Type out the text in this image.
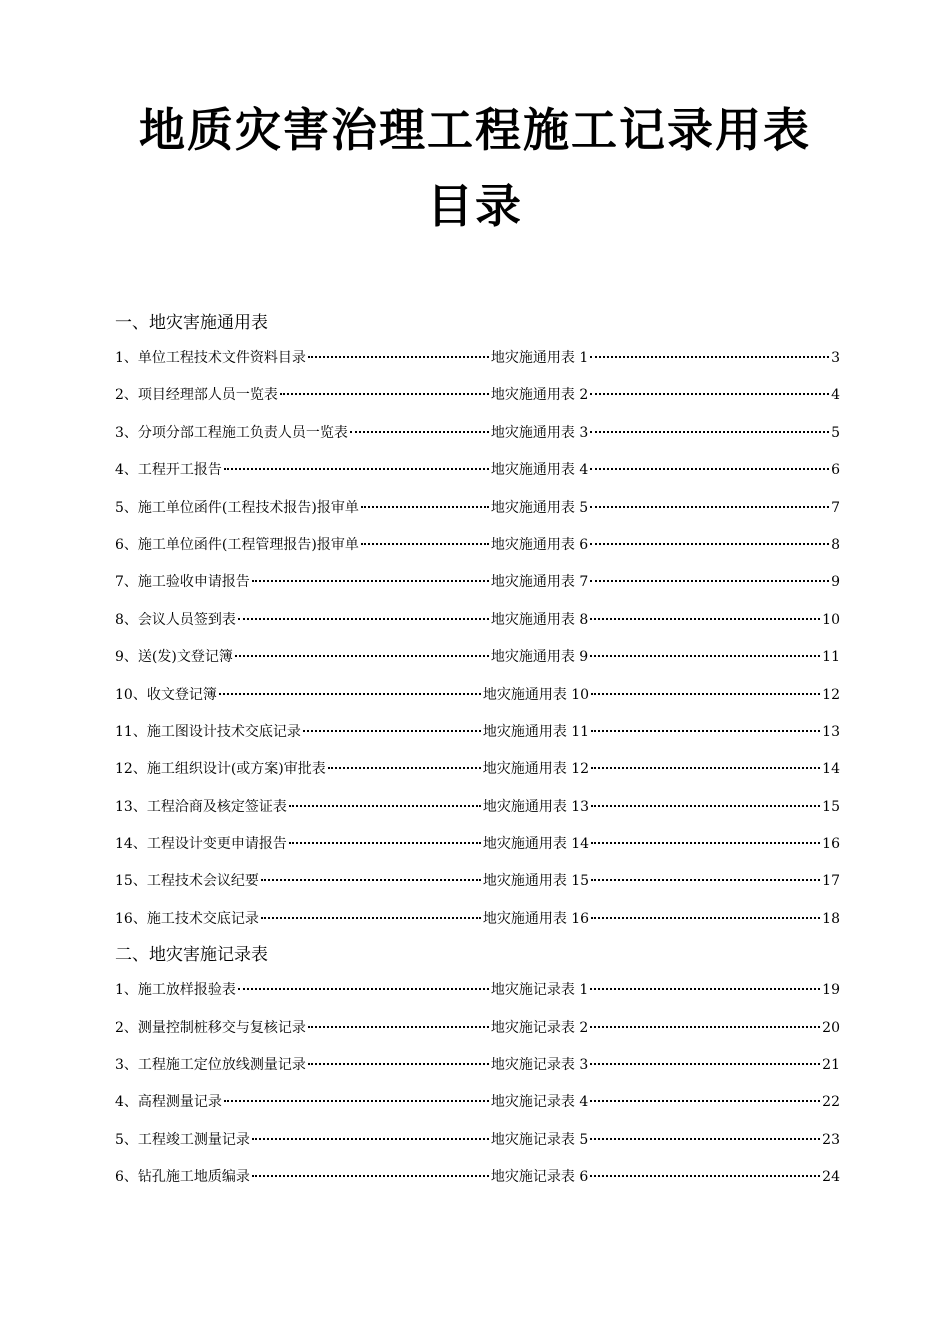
地质灾害治理工程施工记录用表
目录
一、地灾害施通用表
1、单位工程技术文件资料目录	地灾施通用表 1	3
2、项目经理部人员一览表	地灾施通用表 2	4
3、分项分部工程施工负责人员一览表	地灾施通用表 3	5
4、工程开工报告	地灾施通用表 4	6
5、施工单位函件(工程技术报告)报审单	地灾施通用表 5	7
6、施工单位函件(工程管理报告)报审单	地灾施通用表 6	8
7、施工验收申请报告	地灾施通用表 7	9
8、会议人员签到表	地灾施通用表 8	10
9、送(发)文登记簿	地灾施通用表 9	11
10、收文登记簿	地灾施通用表 10	12
11、施工图设计技术交底记录	地灾施通用表 11	13
12、施工组织设计(或方案)审批表	地灾施通用表 12	14
13、工程洽商及核定签证表	地灾施通用表 13	15
14、工程设计变更申请报告	地灾施通用表 14	16
15、工程技术会议纪要	地灾施通用表 15	17
16、施工技术交底记录	地灾施通用表 16	18
二、地灾害施记录表
1、施工放样报验表	地灾施记录表 1	19
2、测量控制桩移交与复核记录	地灾施记录表 2	20
3、工程施工定位放线测量记录	地灾施记录表 3	21
4、高程测量记录	地灾施记录表 4	22
5、工程竣工测量记录	地灾施记录表 5	23
6、钻孔施工地质编录	地灾施记录表 6	24
